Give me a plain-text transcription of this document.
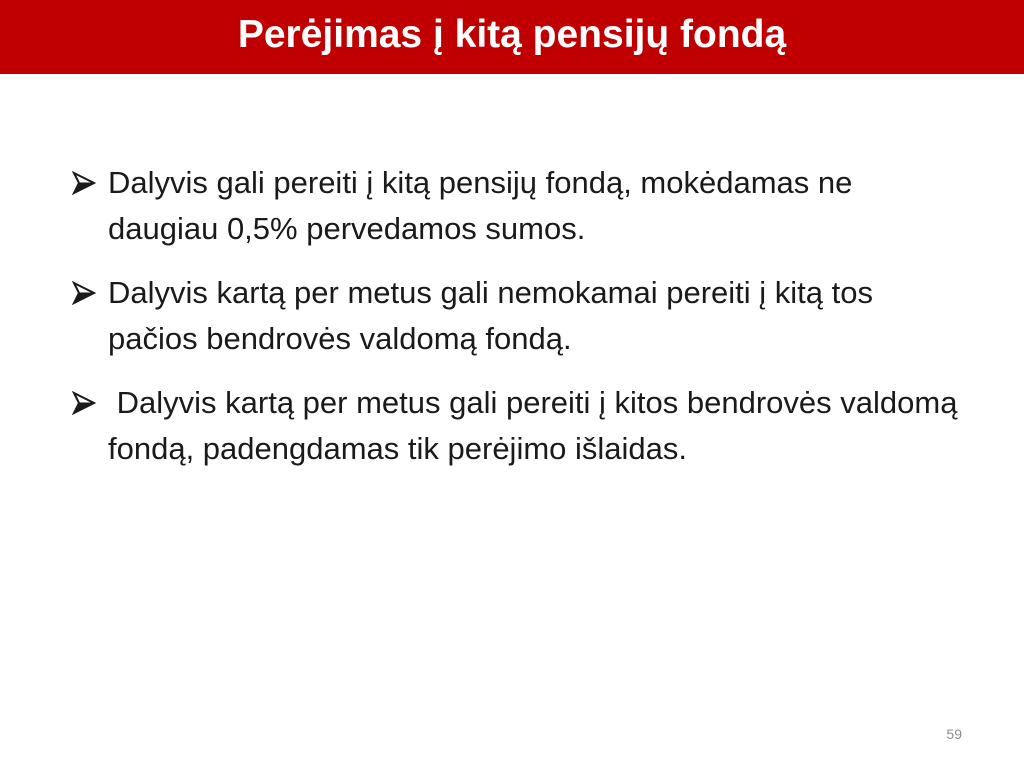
Perėjimas į kitą pensijų fondą
Dalyvis gali pereiti į kitą pensijų fondą, mokėdamas ne daugiau 0,5% pervedamos sumos.
Dalyvis kartą per metus gali nemokamai pereiti į kitą tos pačios bendrovės valdomą fondą.
Dalyvis kartą per metus gali pereiti į kitos bendrovės valdomą fondą, padengdamas tik perėjimo išlaidas.
59
